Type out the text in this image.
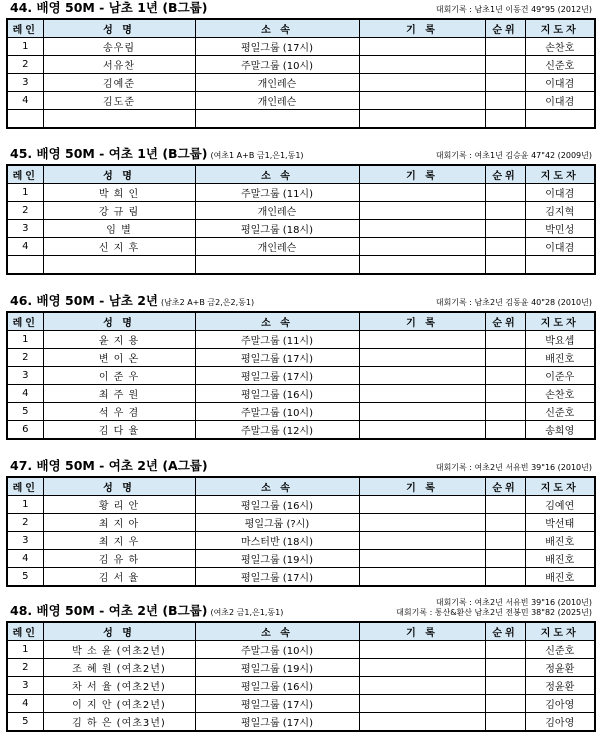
44. 배영 50M - 남초 1년 (B그룹)	대회기록 : 남초1년 이동건 49"95 (2012년)
레인	성 명	소 속	기 록	순위	지도자
1	송우림	평일그룹 (17시)			손찬호
2	서유찬	주말그룹 (10시)			신준호
3	김예준	개인레슨			이대겸
4	김도준	개인레슨			이대겸

45. 배영 50M - 여초 1년 (B그룹) (여초1 A+B 금1,은1,동1)	대회기록 : 여초1년 김승윤 47"42 (2009년)
레인	성 명	소 속	기 록	순위	지도자
1	박 희 인	주말그룹 (11시)			이대겸
2	강 규 림	개인레슨			김지혁
3	임 별	평일그룹 (18시)			박민성
4	신 지 후	개인레슨			이대겸

46. 배영 50M - 남초 2년 (남초2 A+B 금2,은2,동1)	대회기록 : 남초2년 김동윤 40"28 (2010년)
레인	성 명	소 속	기 록	순위	지도자
1	윤 지 용	주말그룹 (11시)			박요셉
2	변 이 온	평일그룹 (17시)			배진호
3	이 준 우	평일그룹 (17시)			이준우
4	최 주 원	평일그룹 (16시)			손찬호
5	석 우 겸	주말그룹 (10시)			신준호
6	김 다 율	주말그룹 (12시)			송희영
47. 배영 50M - 여초 2년 (A그룹)	대회기록 : 여초2년 서유빈 39"16 (2010년)
레인	성 명	소 속	기 록	순위	지도자
1	황 리 안	평일그룹 (16시)			김예연
2	최 지 아	평일그룹 (?시)			박선태
3	최 지 우	마스터반 (18시)			배진호
4	김 유 하	평일그룹 (19시)			배진호
5	김 서 율	평일그룹 (17시)			배진호
48. 배영 50M - 여초 2년 (B그룹) (여초2 금1,은1,동1)
대회기록 : 여초2년 서유빈 39"16 (2010년)
대회기록 : 통산&환산 남초2년 전봉민 38"82 (2025년)
레인	성 명	소 속	기 록	순위	지도자
1	박 소 윤 (여초2년)	주말그룹 (10시)			신준호
2	조 혜 원 (여초2년)	평일그룹 (19시)			정윤환
3	차 서 율 (여초2년)	평일그룹 (16시)			정윤환
4	이 지 안 (여초2년)	평일그룹 (17시)			김아영
5	김 하 은 (여초3년)	평일그룹 (17시)			김아영
